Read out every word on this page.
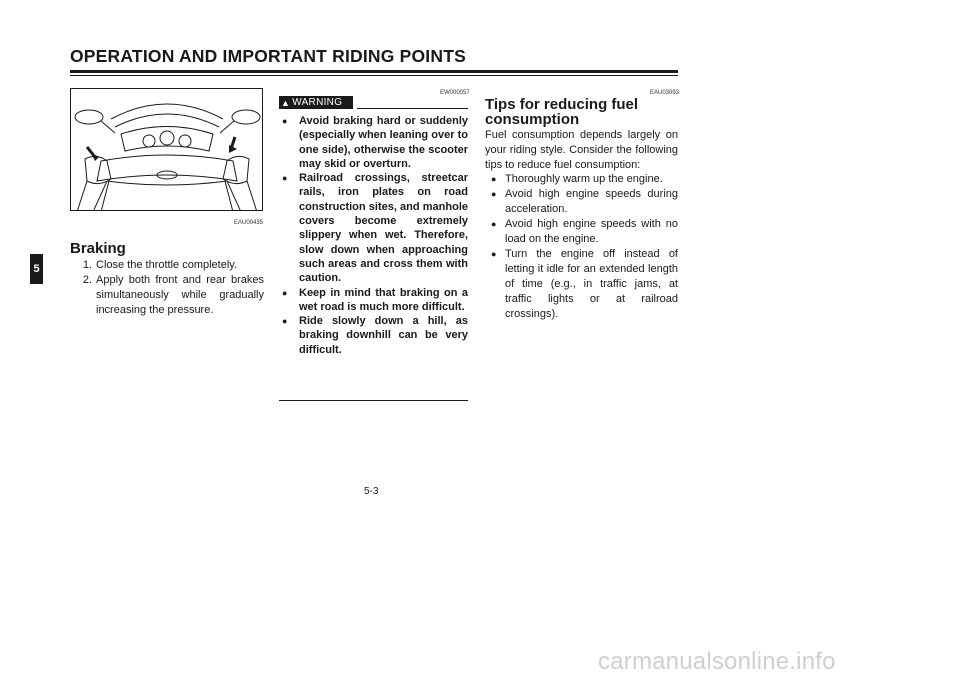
OPERATION AND IMPORTANT RIDING POINTS
5
EAU00435
Braking
1. Close the throttle completely.
2. Apply both front and rear brakes simultaneously while gradually increasing the pressure.
EW000057
▲ WARNING
●	Avoid braking hard or suddenly (especially when leaning over to one side), otherwise the scooter may skid or overturn.
●	Railroad crossings, streetcar rails, iron plates on road construction sites, and manhole covers become extremely slippery when wet. Therefore, slow down when approaching such areas and cross them with caution.
●	Keep in mind that braking on a wet road is much more difficult.
●	Ride slowly down a hill, as braking downhill can be very difficult.
EAU03093
Tips for reducing fuel consumption
Fuel consumption depends largely on your riding style. Consider the following tips to reduce fuel consumption:
● Thoroughly warm up the engine.
● Avoid high engine speeds during acceleration.
● Avoid high engine speeds with no load on the engine.
● Turn the engine off instead of letting it idle for an extended length of time (e.g., in traffic jams, at traffic lights or at railroad crossings).
5-3
carmanualsonline.info
